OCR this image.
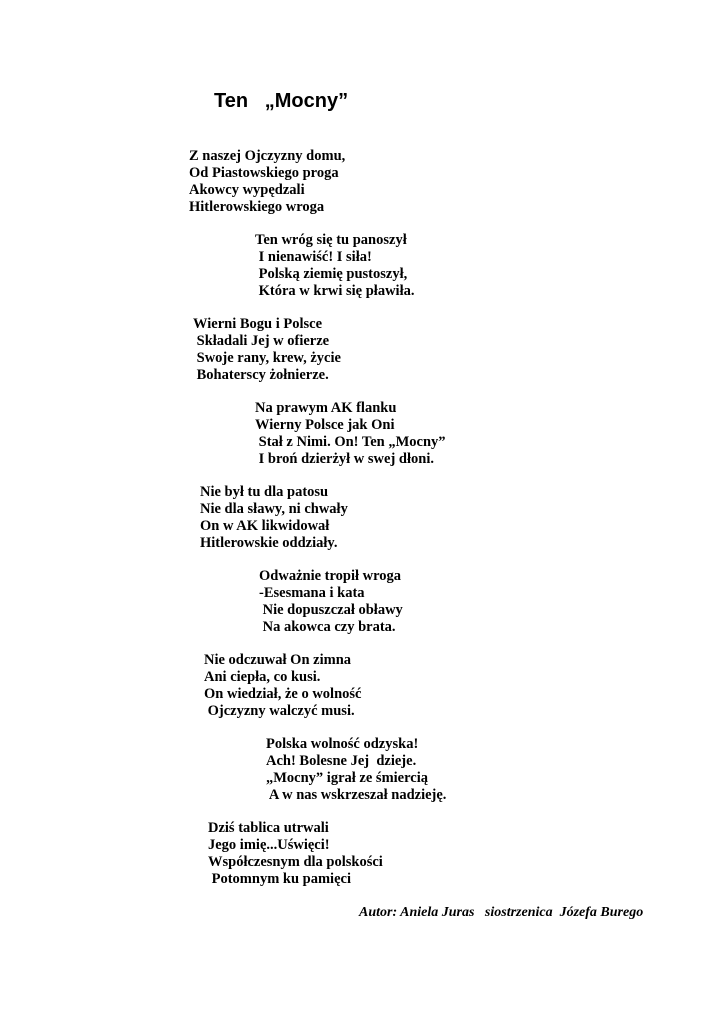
Ten   „Mocny”
Z naszej Ojczyzny domu,
Od Piastowskiego proga
Akowcy wypędzali
Hitlerowskiego wroga
Ten wróg się tu panoszył
I nienawiść! I siła!
Polską ziemię pustoszył,
Która w krwi się pławiła.
Wierni Bogu i Polsce
Składali Jej w ofierze
Swoje rany, krew, życie
Bohaterscy żołnierze.
Na prawym AK flanku
Wierny Polsce jak Oni
Stał z Nimi. On! Ten „Mocny”
I broń dzierżył w swej dłoni.
Nie był tu dla patosu
Nie dla sławy, ni chwały
On w AK likwidował
Hitlerowskie oddziały.
Odważnie tropił wroga
-Esesmana i kata
Nie dopuszczał obławy
Na akowca czy brata.
Nie odczuwał On zimna
Ani ciepła, co kusi.
On wiedział, że o wolność
Ojczyzny walczyć musi.
Polska wolność odzyska!
Ach! Bolesne Jej  dzieje.
„Mocny” igrał ze śmiercią
A w nas wskrzeszał nadzieję.
Dziś tablica utrwali
Jego imię...Uświęci!
Współczesnym dla polskości
Potomnym ku pamięci
Autor: Aniela Juras   siostrzenica  Józefa Burego
